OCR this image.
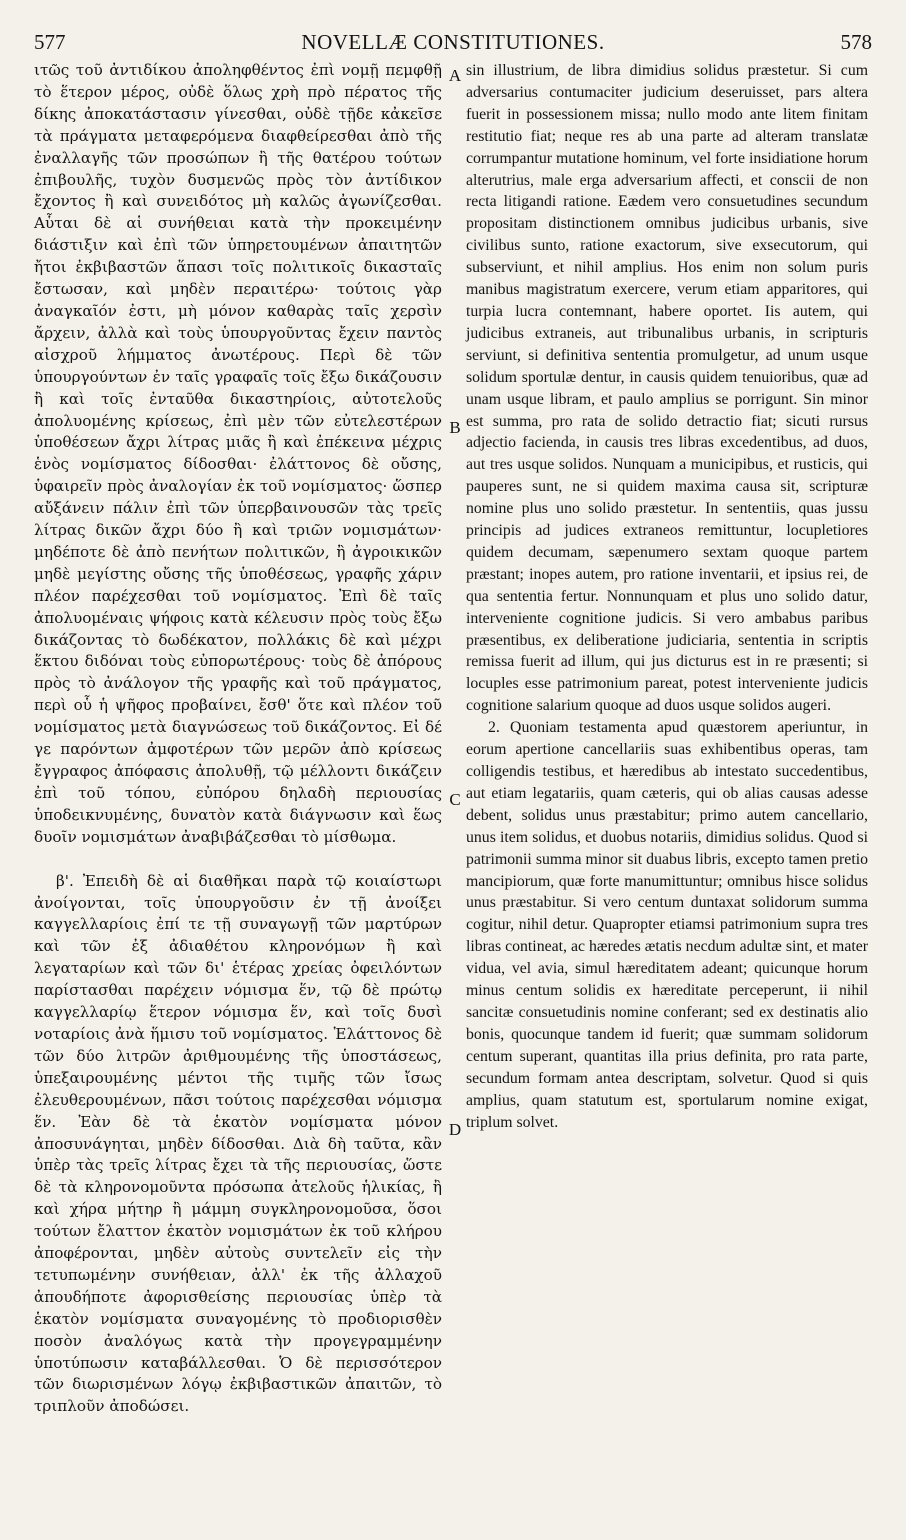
577	NOVELLÆ CONSTITUTIONES.	578

ιτῶς τοῦ ἀντιδίκου ἀποληφθέντος ἐπὶ νομῇ πεμφθῇ τὸ ἕτερον μέρος, οὐδὲ ὅλως χρὴ πρὸ πέρατος τῆς δίκης ἀποκατάστασιν γίνεσθαι, οὐδὲ τῇδε κἀκεῖσε τὰ πράγματα μεταφερόμενα διαφθείρεσθαι ἀπὸ τῆς ἐναλλαγῆς τῶν προσώπων ἢ τῆς θατέρου τούτων ἐπιβουλῆς, τυχὸν δυσμενῶς πρὸς τὸν ἀντίδικον ἔχοντος ἢ καὶ συνειδότος μὴ καλῶς ἀγωνίζεσθαι. Αὗται δὲ αἱ συνήθειαι κατὰ τὴν προκειμένην διάστιξιν καὶ ἐπὶ τῶν ὑπηρετουμένων ἀπαιτητῶν ἤτοι ἐκβιβαστῶν ἅπασι τοῖς πολιτικοῖς δικασταῖς ἔστωσαν, καὶ μηδὲν περαιτέρω· τούτοις γὰρ ἀναγκαῖόν ἐστι, μὴ μόνον καθαρὰς ταῖς χερσὶν ἄρχειν, ἀλλὰ καὶ τοὺς ὑπουργοῦντας ἔχειν παντὸς αἰσχροῦ λήμματος ἀνωτέρους. Περὶ δὲ τῶν ὑπουργούντων ἐν ταῖς γραφαῖς τοῖς ἔξω δικάζουσιν ἢ καὶ τοῖς ἐνταῦθα δικαστηρίοις, αὐτοτελοῦς ἀπολυομένης κρίσεως, ἐπὶ μὲν τῶν εὐτελεστέρων ὑποθέσεων ἄχρι λίτρας μιᾶς ἢ καὶ ἐπέκεινα μέχρις ἑνὸς νομίσματος δίδοσθαι· ἐλάττονος δὲ οὔσης, ὑφαιρεῖν πρὸς ἀναλογίαν ἐκ τοῦ νομίσματος· ὥσπερ αὔξάνειν πάλιν ἐπὶ τῶν ὑπερβαινουσῶν τὰς τρεῖς λίτρας δικῶν ἄχρι δύο ἢ καὶ τριῶν νομισμάτων· μηδέποτε δὲ ἀπὸ πενήτων πολιτικῶν, ἢ ἀγροικικῶν μηδὲ μεγίστης οὔσης τῆς ὑποθέσεως, γραφῆς χάριν πλέον παρέχεσθαι τοῦ νομίσματος. Ἐπὶ δὲ ταῖς ἀπολυομέναις ψήφοις κατὰ κέλευσιν πρὸς τοὺς ἔξω δικάζοντας τὸ δωδέκατον, πολλάκις δὲ καὶ μέχρι ἕκτου διδόναι τοὺς εὐπορωτέρους· τοὺς δὲ ἀπόρους πρὸς τὸ ἀνάλογον τῆς γραφῆς καὶ τοῦ πράγματος, περὶ οὗ ἡ ψῆφος προβαίνει, ἔσθ' ὅτε καὶ πλέον τοῦ νομίσματος μετὰ διαγνώσεως τοῦ δικάζοντος. Εἰ δέ γε παρόντων ἀμφοτέρων τῶν μερῶν ἀπὸ κρίσεως ἔγγραφος ἀπόφασις ἀπολυθῇ, τῷ μέλλοντι δικάζειν ἐπὶ τοῦ τόπου, εὐπόρου δηλαδὴ περιουσίας ὑποδεικνυμένης, δυνατὸν κατὰ διάγνωσιν καὶ ἕως δυοῖν νομισμάτων ἀναβιβάζεσθαι τὸ μίσθωμα.

β'. Ἐπειδὴ δὲ αἱ διαθῆκαι παρὰ τῷ κοιαίστωρι ἀνοίγονται, τοῖς ὑπουργοῦσιν ἐν τῇ ἀνοίξει καγγελλαρίοις ἐπί τε τῇ συναγωγῇ τῶν μαρτύρων καὶ τῶν ἐξ ἀδιαθέτου κληρονόμων ἢ καὶ λεγαταρίων καὶ τῶν δι' ἑτέρας χρείας ὀφειλόντων παρίστασθαι παρέχειν νόμισμα ἕν, τῷ δὲ πρώτῳ καγγελλαρίῳ ἕτερον νόμισμα ἕν, καὶ τοῖς δυσὶ νοταρίοις ἀνὰ ἥμισυ τοῦ νομίσματος. Ἐλάττονος δὲ τῶν δύο λιτρῶν ἀριθμουμένης τῆς ὑποστάσεως, ὑπεξαιρουμένης μέντοι τῆς τιμῆς τῶν ἴσως ἐλευθερουμένων, πᾶσι τούτοις παρέχεσθαι νόμισμα ἕν. Ἐὰν δὲ τὰ ἑκατὸν νομίσματα μόνον ἀποσυνάγηται, μηδὲν δίδοσθαι. Διὰ δὴ ταῦτα, κἂν ὑπὲρ τὰς τρεῖς λίτρας ἔχει τὰ τῆς περιουσίας, ὥστε δὲ τὰ κληρονομοῦντα πρόσωπα ἀτελοῦς ἡλικίας, ἢ καὶ χήρα μήτηρ ἢ μάμμη συγκληρονομοῦσα, ὅσοι τούτων ἔλαττον ἑκατὸν νομισμάτων ἐκ τοῦ κλήρου ἀποφέρονται, μηδὲν αὐτοὺς συντελεῖν εἰς τὴν τετυπωμένην συνήθειαν, ἀλλ' ἐκ τῆς ἀλλαχοῦ ἀπουδήποτε ἀφορισθείσης περιουσίας ὑπὲρ τὰ ἑκατὸν νομίσματα συναγομένης τὸ προδιορισθὲν ποσὸν ἀναλόγως κατὰ τὴν προγεγραμμένην ὑποτύπωσιν καταβάλλεσθαι. Ὁ δὲ περισσότερον τῶν διωρισμένων λόγῳ ἐκβιβαστικῶν ἀπαιτῶν, τὸ τριπλοῦν ἀποδώσει.

A
B
C
D

sin illustrium, de libra dimidius solidus præstetur. Si cum adversarius contumaciter judicium deseruisset, pars altera fuerit in possessionem missa; nullo modo ante litem finitam restitutio fiat; neque res ab una parte ad alteram translatæ corrumpantur mutatione hominum, vel forte insidiatione horum alterutrius, male erga adversarium affecti, et conscii de non recta litigandi ratione. Eædem vero consuetudines secundum propositam distinctionem omnibus judicibus urbanis, sive civilibus sunto, ratione exactorum, sive exsecutorum, qui subserviunt, et nihil amplius. Hos enim non solum puris manibus magistratum exercere, verum etiam apparitores, qui turpia lucra contemnant, habere oportet. Iis autem, qui judicibus extraneis, aut tribunalibus urbanis, in scripturis serviunt, si definitiva sententia promulgetur, ad unum usque solidum sportulæ dentur, in causis quidem tenuioribus, quæ ad unam usque libram, et paulo amplius se porrigunt. Sin minor est summa, pro rata de solido detractio fiat; sicuti rursus adjectio facienda, in causis tres libras excedentibus, ad duos, aut tres usque solidos. Nunquam a municipibus, et rusticis, qui pauperes sunt, ne si quidem maxima causa sit, scripturæ nomine plus uno solido præstetur. In sententiis, quas jussu principis ad judices extraneos remittuntur, locupletiores quidem decumam, sæpenumero sextam quoque partem præstant; inopes autem, pro ratione inventarii, et ipsius rei, de qua sententia fertur. Nonnunquam et plus uno solido datur, interveniente cognitione judicis. Si vero ambabus paribus præsentibus, ex deliberatione judiciaria, sententia in scriptis remissa fuerit ad illum, qui jus dicturus est in re præsenti; si locuples esse patrimonium pareat, potest interveniente judicis cognitione salarium quoque ad duos usque solidos augeri.

2. Quoniam testamenta apud quæstorem aperiuntur, in eorum apertione cancellariis suas exhibentibus operas, tam colligendis testibus, et hæredibus ab intestato succedentibus, aut etiam legatariis, quam cæteris, qui ob alias causas adesse debent, solidus unus præstabitur; primo autem cancellario, unus item solidus, et duobus notariis, dimidius solidus. Quod si patrimonii summa minor sit duabus libris, excepto tamen pretio mancipiorum, quæ forte manumittuntur; omnibus hisce solidus unus præstabitur. Si vero centum duntaxat solidorum summa cogitur, nihil detur. Quapropter etiamsi patrimonium supra tres libras contineat, ac hæredes ætatis necdum adultæ sint, et mater vidua, vel avia, simul hæreditatem adeant; quicunque horum minus centum solidis ex hæreditate perceperunt, ii nihil sancitæ consuetudinis nomine conferant; sed ex destinatis alio bonis, quocunque tandem id fuerit; quæ summam solidorum centum superant, quantitas illa prius definita, pro rata parte, secundum formam antea descriptam, solvetur. Quod si quis amplius, quam statutum est, sportularum nomine exigat, triplum solvet.
